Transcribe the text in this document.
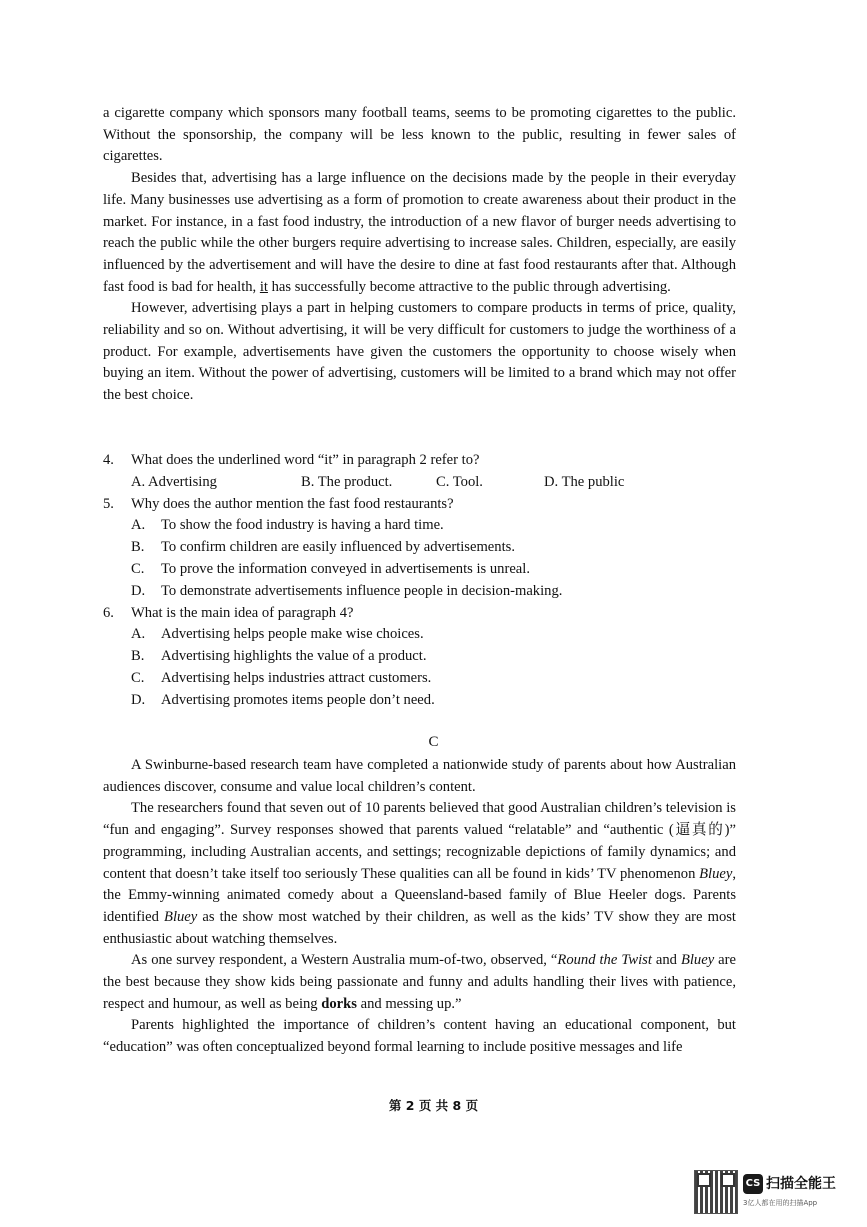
a cigarette company which sponsors many football teams, seems to be promoting cigarettes to the public. Without the sponsorship, the company will be less known to the public, resulting in fewer sales of cigarettes.

Besides that, advertising has a large influence on the decisions made by the people in their everyday life. Many businesses use advertising as a form of promotion to create awareness about their product in the market. For instance, in a fast food industry, the introduction of a new flavor of burger needs advertising to reach the public while the other burgers require advertising to increase sales. Children, especially, are easily influenced by the advertisement and will have the desire to dine at fast food restaurants after that. Although fast food is bad for health, it has successfully become attractive to the public through advertising.

However, advertising plays a part in helping customers to compare products in terms of price, quality, reliability and so on. Without advertising, it will be very difficult for customers to judge the worthiness of a product. For example, advertisements have given the customers the opportunity to choose wisely when buying an item. Without the power of advertising, customers will be limited to a brand which may not offer the best choice.

4.	What does the underlined word “it” in paragraph 2 refer to?
A. Advertising	B. The product.	C. Tool.	D. The public
5.	Why does the author mention the fast food restaurants?
A.	To show the food industry is having a hard time.
B.	To confirm children are easily influenced by advertisements.
C.	To prove the information conveyed in advertisements is unreal.
D.	To demonstrate advertisements influence people in decision-making.
6.	What is the main idea of paragraph 4?
A.	Advertising helps people make wise choices.
B.	Advertising highlights the value of a product.
C.	Advertising helps industries attract customers.
D.	Advertising promotes items people don’t need.
C

A Swinburne-based research team have completed a nationwide study of parents about how Australian audiences discover, consume and value local children’s content.

The researchers found that seven out of 10 parents believed that good Australian children’s television is “fun and engaging”. Survey responses showed that parents valued “relatable” and “authentic (逼真的)” programming, including Australian accents, and settings; recognizable depictions of family dynamics; and content that doesn’t take itself too seriously These qualities can all be found in kids’ TV phenomenon Bluey, the Emmy-winning animated comedy about a Queensland-based family of Blue Heeler dogs. Parents identified Bluey as the show most watched by their children, as well as the kids’ TV show they are most enthusiastic about watching themselves.

As one survey respondent, a Western Australia mum-of-two, observed, “Round the Twist and Bluey are the best because they show kids being passionate and funny and adults handling their lives with patience, respect and humour, as well as being dorks and messing up.”

Parents highlighted the importance of children’s content having an educational component, but “education” was often conceptualized beyond formal learning to include positive messages and life

第 2 页 共 8 页
CS 扫描全能王
3亿人都在用的扫描App
